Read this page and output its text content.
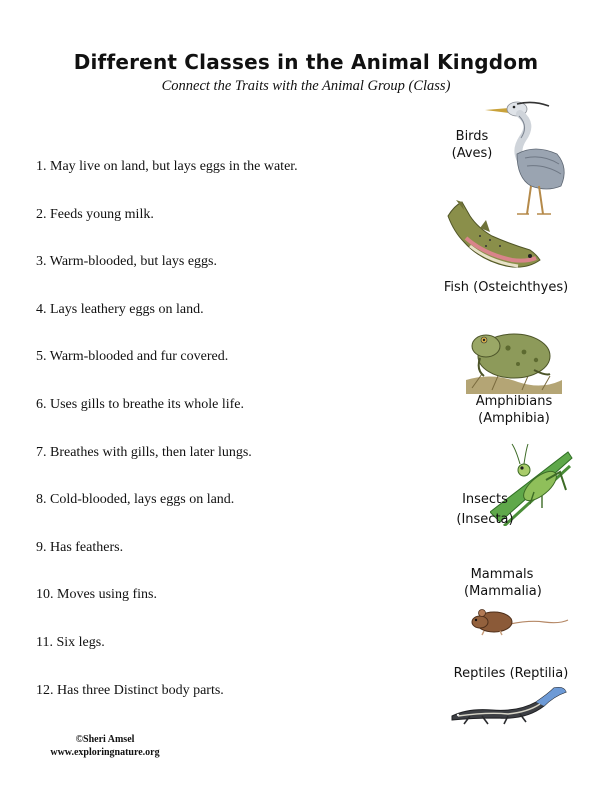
Different Classes in the Animal Kingdom
Connect the Traits with the Animal Group (Class)
1. May live on land, but lays eggs in the water.
2. Feeds young milk.
3. Warm-blooded, but lays eggs.
4. Lays leathery eggs on land.
5. Warm-blooded and fur covered.
6. Uses gills to breathe its whole life.
7. Breathes with gills, then later lungs.
8. Cold-blooded, lays eggs on land.
9. Has feathers.
10. Moves using fins.
11. Six legs.
12. Has three Distinct body parts.
Birds
(Aves)
Fish (Osteichthyes)
Amphibians
(Amphibia)
Insects
(Insecta)
Mammals
(Mammalia)
Reptiles (Reptilia)
©Sheri Amsel
www.exploringnature.org
